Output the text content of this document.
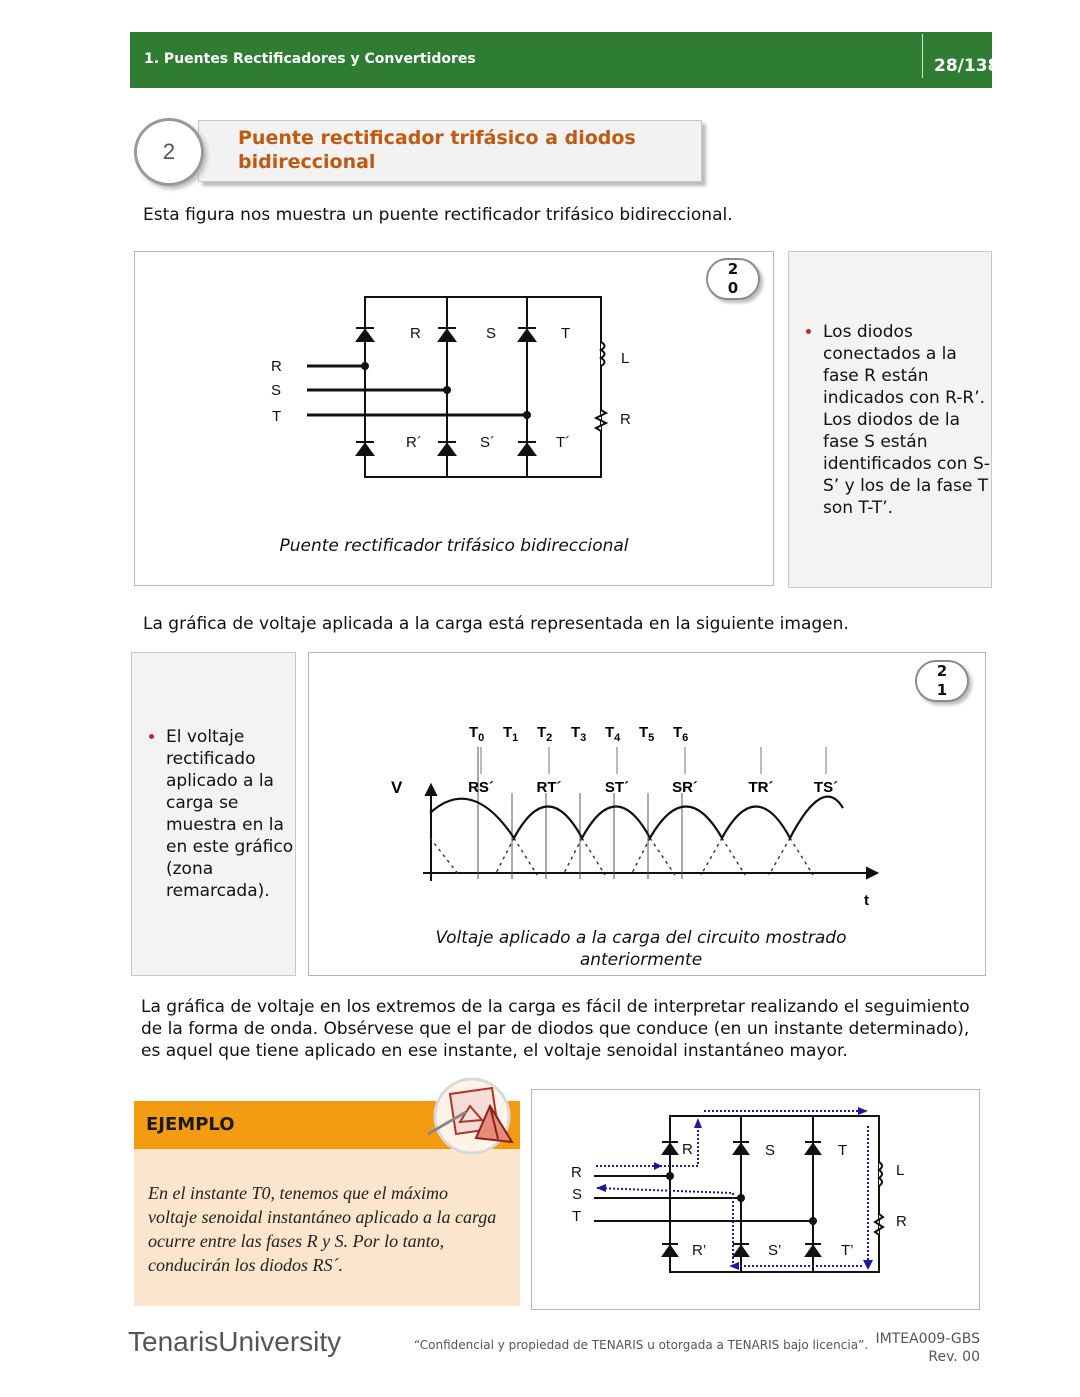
1. Puentes Rectificadores y Convertidores	28/138
2
Puente rectificador trifásico a diodos bidireccional
Esta figura nos muestra un puente rectificador trifásico bidireccional.
2
0
R
S
T
R	S	T
R´	S´	T´
L
R
Puente rectificador trifásico bidireccional
• Los diodos conectados a la fase R están indicados con R-R’. Los diodos de la fase S están identificados con S-S’ y los de la fase T son T-T’.
La gráfica de voltaje aplicada a la carga está representada en la siguiente imagen.
• El voltaje rectificado aplicado a la carga se muestra en la en este gráfico (zona remarcada).
2
1
V
t
$T_0$ $T_1$ $T_2$ $T_3$ $T_4$ $T_5$ $T_6$
RS´	RT´	ST´	SR´	TR´	TS´
Voltaje aplicado a la carga del circuito mostrado
anteriormente
La gráfica de voltaje en los extremos de la carga es fácil de interpretar realizando el seguimiento de la forma de onda. Obsérvese que el par de diodos que conduce (en un instante determinado), es aquel que tiene aplicado en ese instante, el voltaje senoidal instantáneo mayor.
EJEMPLO
En el instante T0, tenemos que el máximo voltaje senoidal instantáneo aplicado a la carga ocurre entre las fases R y S. Por lo tanto, conducirán los diodos RS´.
R
S
T
R	S	T
R’	S’	T’
L
R
TenarisUniversity	“Confidencial y propiedad de TENARIS u otorgada a TENARIS bajo licencia”. IMTEA009-GBS
Rev. 00
